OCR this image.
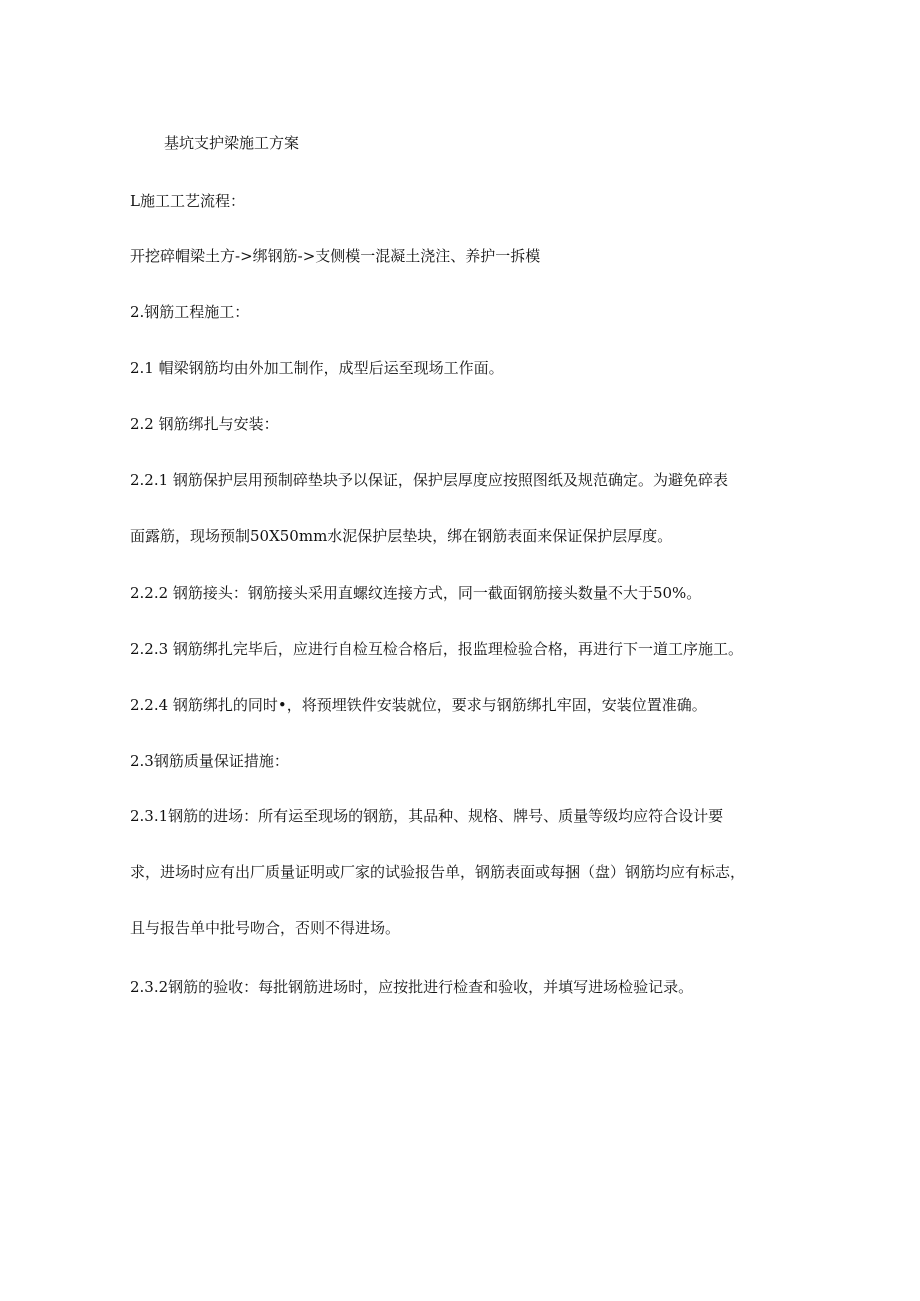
基坑支护梁施工方案
L施工工艺流程：
开挖碎帽梁土方->绑钢筋->支侧模一混凝土浇注、养护一拆模
2.钢筋工程施工：
2.1 帽梁钢筋均由外加工制作，成型后运至现场工作面。
2.2 钢筋绑扎与安装：
2.2.1 钢筋保护层用预制碎垫块予以保证，保护层厚度应按照图纸及规范确定。为避免碎表
面露筋，现场预制50X50mm水泥保护层垫块，绑在钢筋表面来保证保护层厚度。
2.2.2 钢筋接头：钢筋接头采用直螺纹连接方式，同一截面钢筋接头数量不大于50%。
2.2.3 钢筋绑扎完毕后，应进行自检互检合格后，报监理检验合格，再进行下一道工序施工。
2.2.4 钢筋绑扎的同时•，将预埋铁件安装就位，要求与钢筋绑扎牢固，安装位置准确。
2.3钢筋质量保证措施：
2.3.1钢筋的进场：所有运至现场的钢筋，其品种、规格、牌号、质量等级均应符合设计要
求，进场时应有出厂质量证明或厂家的试验报告单，钢筋表面或每捆（盘）钢筋均应有标志，
且与报告单中批号吻合，否则不得进场。
2.3.2钢筋的验收：每批钢筋进场时，应按批进行检查和验收，并填写进场检验记录。
